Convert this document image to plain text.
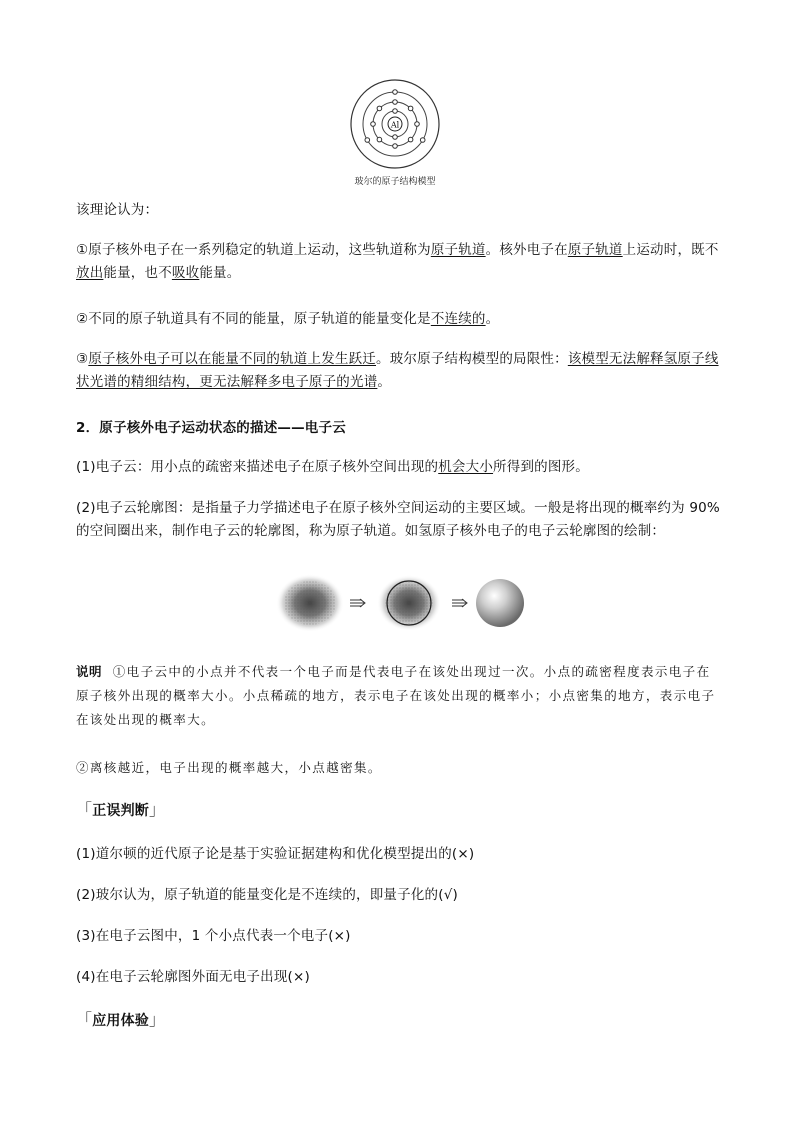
Al
玻尔的原子结构模型
该理论认为：
①原子核外电子在一系列稳定的轨道上运动，这些轨道称为原子轨道。核外电子在原子轨道上运动时，既不放出能量，也不吸收能量。
②不同的原子轨道具有不同的能量，原子轨道的能量变化是不连续的。
③原子核外电子可以在能量不同的轨道上发生跃迁。玻尔原子结构模型的局限性：该模型无法解释氢原子线状光谱的精细结构，更无法解释多电子原子的光谱。
2．原子核外电子运动状态的描述——电子云
(1)电子云：用小点的疏密来描述电子在原子核外空间出现的机会大小所得到的图形。
(2)电子云轮廓图：是指量子力学描述电子在原子核外空间运动的主要区域。一般是将出现的概率约为 90%的空间圈出来，制作电子云的轮廓图，称为原子轨道。如氢原子核外电子的电子云轮廓图的绘制：
说明 ①电子云中的小点并不代表一个电子而是代表电子在该处出现过一次。小点的疏密程度表示电子在原子核外出现的概率大小。小点稀疏的地方，表示电子在该处出现的概率小；小点密集的地方，表示电子在该处出现的概率大。
②离核越近，电子出现的概率越大，小点越密集。
「正误判断」
(1)道尔顿的近代原子论是基于实验证据建构和优化模型提出的(×)
(2)玻尔认为，原子轨道的能量变化是不连续的，即量子化的(√)
(3)在电子云图中，1 个小点代表一个电子(×)
(4)在电子云轮廓图外面无电子出现(×)
「应用体验」
